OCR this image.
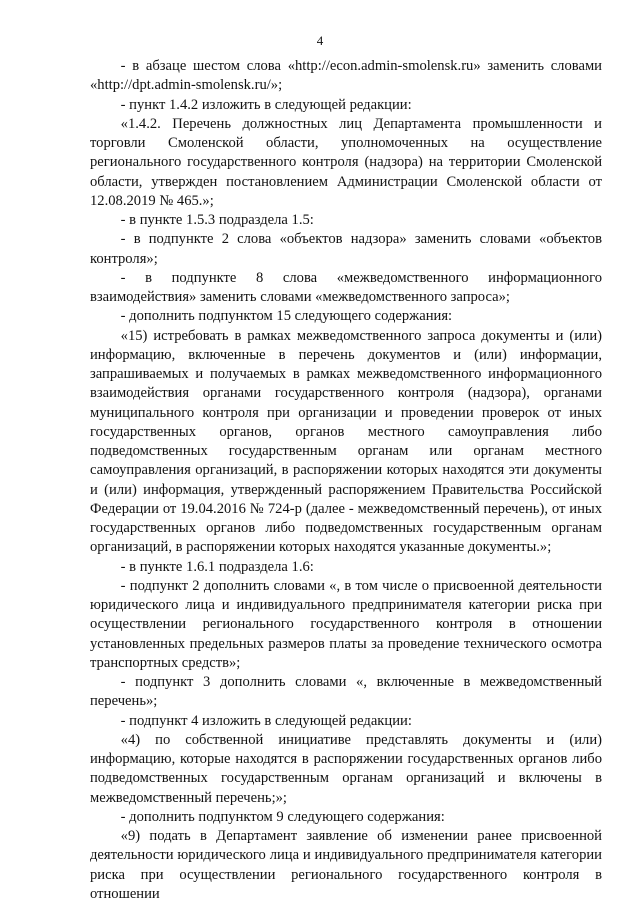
4

- в абзаце шестом слова «http://econ.admin-smolensk.ru» заменить словами «http://dpt.admin-smolensk.ru/»;

- пункт 1.4.2 изложить в следующей редакции:

«1.4.2. Перечень должностных лиц Департамента промышленности и торговли Смоленской области, уполномоченных на осуществление регионального государственного контроля (надзора) на территории Смоленской области, утвержден постановлением Администрации Смоленской области от 12.08.2019 № 465.»;

- в пункте 1.5.3 подраздела 1.5:

- в подпункте 2 слова «объектов надзора» заменить словами «объектов контроля»;

- в подпункте 8 слова «межведомственного информационного взаимодействия» заменить словами «межведомственного запроса»;

- дополнить подпунктом 15 следующего содержания:

«15) истребовать в рамках межведомственного запроса документы и (или) информацию, включенные в перечень документов и (или) информации, запрашиваемых и получаемых в рамках межведомственного информационного взаимодействия органами государственного контроля (надзора), органами муниципального контроля при организации и проведении проверок от иных государственных органов, органов местного самоуправления либо подведомственных государственным органам или органам местного самоуправления организаций, в распоряжении которых находятся эти документы и (или) информация, утвержденный распоряжением Правительства Российской Федерации от 19.04.2016 № 724-р (далее - межведомственный перечень), от иных государственных органов либо подведомственных государственным органам организаций, в распоряжении которых находятся указанные документы.»;

- в пункте 1.6.1 подраздела 1.6:

- подпункт 2 дополнить словами «, в том числе о присвоенной деятельности юридического лица и индивидуального предпринимателя категории риска при осуществлении регионального государственного контроля в отношении установленных предельных размеров платы за проведение технического осмотра транспортных средств»;

- подпункт 3 дополнить словами «, включенные в межведомственный перечень»;

- подпункт 4 изложить в следующей редакции:

«4) по собственной инициативе представлять документы и (или) информацию, которые находятся в распоряжении государственных органов либо подведомственных государственным органам организаций и включены в межведомственный перечень;»;

- дополнить подпунктом 9 следующего содержания:

«9) подать в Департамент заявление об изменении ранее присвоенной деятельности юридического лица и индивидуального предпринимателя категории риска при осуществлении регионального государственного контроля в отношении
